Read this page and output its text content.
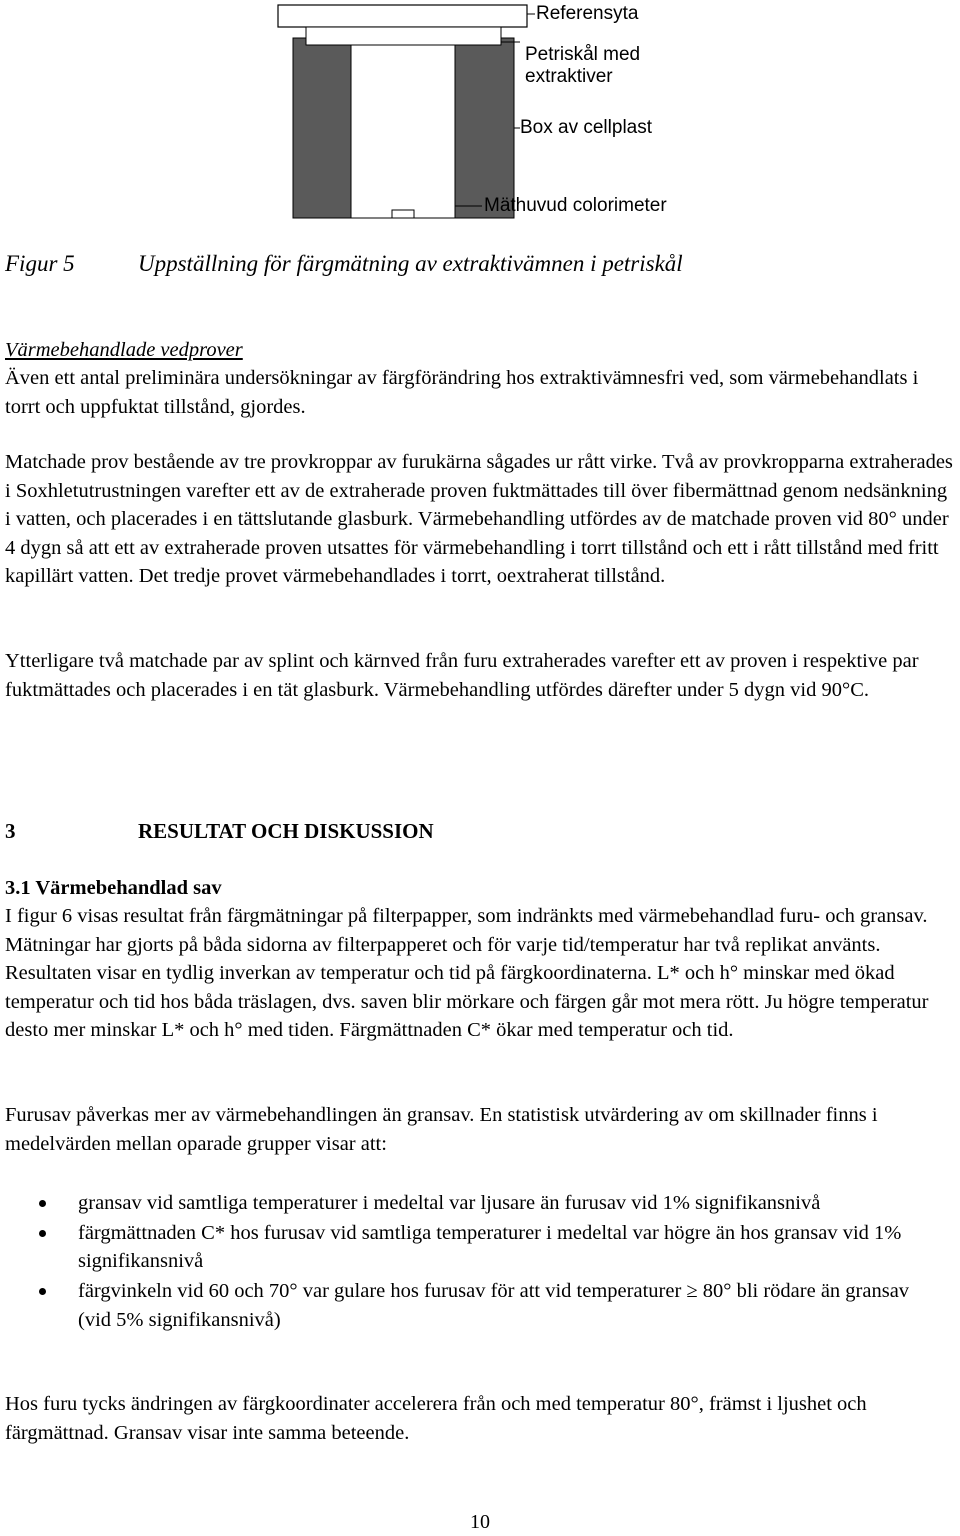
Referensyta
Petriskål med
extraktiver
Box av cellplast
Mäthuvud colorimeter
Figur 5	Uppställning för färgmätning av extraktivämnen i petriskål
Värmebehandlade vedprover

Även ett antal preliminära undersökningar av färgförändring hos extraktivämnesfri ved, som värmebehandlats i torrt och uppfuktat tillstånd, gjordes.

Matchade prov bestående av tre provkroppar av furukärna sågades ur rått virke. Två av provkropparna extraherades i Soxhletutrustningen varefter ett av de extraherade proven fuktmättades till över fibermättnad genom nedsänkning i vatten, och placerades i en tättslutande glasburk. Värmebehandling utfördes av de matchade proven vid 80° under 4 dygn så att ett av extraherade proven utsattes för värmebehandling i torrt tillstånd och ett i rått tillstånd med fritt kapillärt vatten. Det tredje provet värmebehandlades i torrt, oextraherat tillstånd.

Ytterligare två matchade par av splint och kärnved från furu extraherades varefter ett av proven i respektive par fuktmättades och placerades i en tät glasburk. Värmebehandling utfördes därefter under 5 dygn vid 90°C.

3	RESULTAT OCH DISKUSSION
3.1 Värmebehandlad sav

I figur 6 visas resultat från färgmätningar på filterpapper, som indränkts med värmebehandlad furu- och gransav. Mätningar har gjorts på båda sidorna av filterpapperet och för varje tid/temperatur har två replikat använts. Resultaten visar en tydlig inverkan av temperatur och tid på färgkoordinaterna. L* och h° minskar med ökad temperatur och tid hos båda träslagen, dvs. saven blir mörkare och färgen går mot mera rött. Ju högre temperatur desto mer minskar L* och h° med tiden. Färgmättnaden C* ökar med temperatur och tid.

Furusav påverkas mer av värmebehandlingen än gransav. En statistisk utvärdering av om skillnader finns i medelvärden mellan oparade grupper visar att:

gransav vid samtliga temperaturer i medeltal var ljusare än furusav vid 1% signifikansnivå
färgmättnaden C* hos furusav vid samtliga temperaturer i medeltal var högre än hos gransav vid 1% signifikansnivå
färgvinkeln vid 60 och 70° var gulare hos furusav för att vid temperaturer ≥ 80° bli rödare än gransav (vid 5% signifikansnivå)

Hos furu tycks ändringen av färgkoordinater accelerera från och med temperatur 80°, främst i ljushet och färgmättnad. Gransav visar inte samma beteende.

10
